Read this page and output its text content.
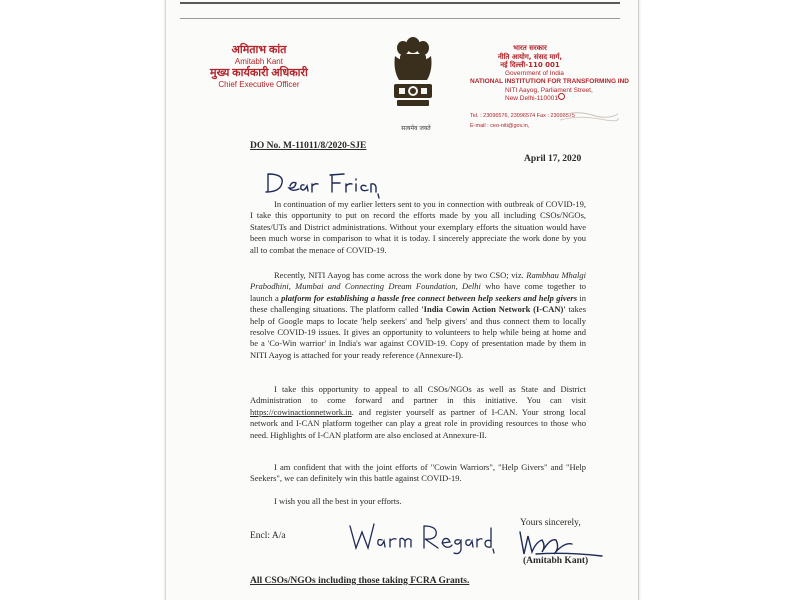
अमिताभ कांत
Amitabh Kant
मुख्य कार्यकारी अधिकारी
Chief Executive Officer
सत्यमेव जयते
भारत सरकार
नीति आयोग, संसद मार्ग,
नई दिल्ली-110 001
Government of India
NATIONAL INSTITUTION FOR TRANSFORMING IND
NITI Aayog, Parliament Street,
New Delhi-110001
Tel. : 23096576, 23096574 Fax : 23096575
E-mail : ceo-niti@gov.in,
DO No. M-11011/8/2020-SJE
April 17, 2020
In continuation of my earlier letters sent to you in connection with outbreak of COVID-19, I take this opportunity to put on record the efforts made by you all including CSOs/NGOs, States/UTs and District administrations. Without your exemplary efforts the situation would have been much worse in comparison to what it is today. I sincerely appreciate the work done by you all to combat the menace of COVID-19.
Recently, NITI Aayog has come across the work done by two CSO; viz. Rambhau Mhalgi Prabodhini, Mumbai and Connecting Dream Foundation, Delhi who have come together to launch a platform for establishing a hassle free connect between help seekers and help givers in these challenging situations. The platform called 'India Cowin Action Network (I-CAN)' takes help of Google maps to locate 'help seekers' and 'help givers' and thus connect them to locally resolve COVID-19 issues. It gives an opportunity to volunteers to help while being at home and be a 'Co-Win warrior' in India's war against COVID-19. Copy of presentation made by them in NITI Aayog is attached for your ready reference (Annexure-I).
I take this opportunity to appeal to all CSOs/NGOs as well as State and District Administration to come forward and partner in this initiative. You can visit https://cowinactionnetwork.in. and register yourself as partner of I-CAN. Your strong local network and I-CAN platform together can play a great role in providing resources to those who need. Highlights of I-CAN platform are also enclosed at Annexure-II.
I am confident that with the joint efforts of "Cowin Warriors", "Help Givers" and "Help Seekers", we can definitely win this battle against COVID-19.
I wish you all the best in your efforts.
Yours sincerely,
Encl: A/a
(Amitabh Kant)
All CSOs/NGOs including those taking FCRA Grants.
